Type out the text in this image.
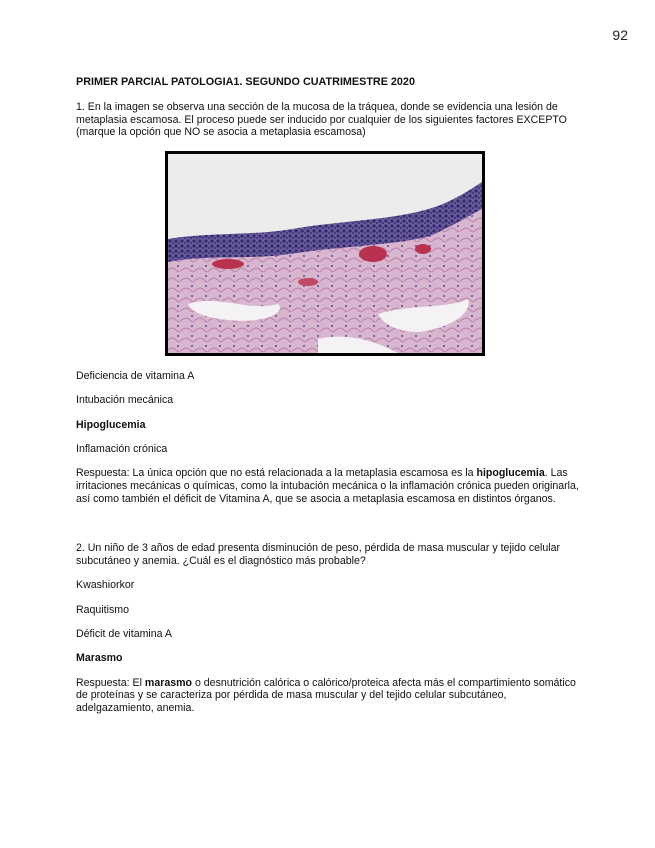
92
PRIMER PARCIAL PATOLOGIA1. SEGUNDO CUATRIMESTRE 2020
1. En la imagen se observa una sección de la mucosa de la tráquea, donde se evidencia una lesión de metaplasia escamosa. El proceso puede ser inducido por cualquier de los siguientes factores EXCEPTO (marque la opción que NO se asocia a metaplasia escamosa)
Deficiencia de vitamina A
Intubación mecánica
Hipoglucemia
Inflamación crónica
Respuesta: La única opción que no está relacionada a la metaplasia escamosa es la hipoglucemia. Las irritaciones mecánicas o químicas, como la intubación mecánica o la inflamación crónica pueden originarla, así como también el déficit de Vitamina A, que se asocia a metaplasia escamosa en distintos órganos.
2. Un niño de 3 años de edad presenta disminución de peso, pérdida de masa muscular y tejido celular subcutáneo y anemia. ¿Cuál es el diagnóstico más probable?
Kwashiorkor
Raquitismo
Déficit de vitamina A
Marasmo
Respuesta: El marasmo o desnutrición calórica o calórico/proteica afecta más el compartimiento somático de proteínas y se caracteriza por pérdida de masa muscular y del tejido celular subcutáneo, adelgazamiento, anemia.
